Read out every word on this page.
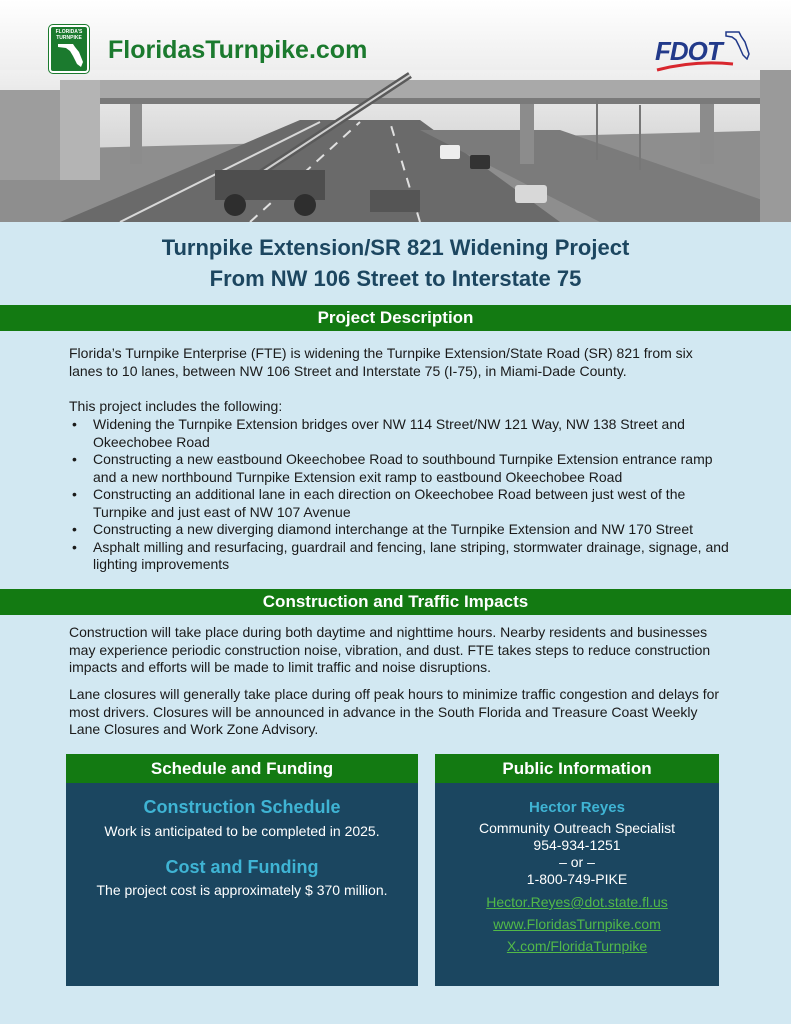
FLORIDA'S TURNPIKE FloridasTurnpike.com	FDOT
Turnpike Extension/SR 821 Widening Project
From NW 106 Street to Interstate 75
Project Description
Florida’s Turnpike Enterprise (FTE) is widening the Turnpike Extension/State Road (SR) 821 from six lanes to 10 lanes, between NW 106 Street and Interstate 75 (I-75), in Miami-Dade County.
This project includes the following:
• Widening the Turnpike Extension bridges over NW 114 Street/NW 121 Way, NW 138 Street and Okeechobee Road
• Constructing a new eastbound Okeechobee Road to southbound Turnpike Extension entrance ramp and a new northbound Turnpike Extension exit ramp to eastbound Okeechobee Road
• Constructing an additional lane in each direction on Okeechobee Road between just west of the Turnpike and just east of NW 107 Avenue
• Constructing a new diverging diamond interchange at the Turnpike Extension and NW 170 Street
• Asphalt milling and resurfacing, guardrail and fencing, lane striping, stormwater drainage, signage, and lighting improvements
Construction and Traffic Impacts
Construction will take place during both daytime and nighttime hours. Nearby residents and businesses may experience periodic construction noise, vibration, and dust. FTE takes steps to reduce construction impacts and efforts will be made to limit traffic and noise disruptions.
Lane closures will generally take place during off peak hours to minimize traffic congestion and delays for most drivers. Closures will be announced in advance in the South Florida and Treasure Coast Weekly Lane Closures and Work Zone Advisory.
Schedule and Funding
Construction Schedule
Work is anticipated to be completed in 2025.
Cost and Funding
The project cost is approximately $ 370 million.
Public Information
Hector Reyes
Community Outreach Specialist
954-934-1251
– or –
1-800-749-PIKE
Hector.Reyes@dot.state.fl.us
www.FloridasTurnpike.com
X.com/FloridaTurnpike
